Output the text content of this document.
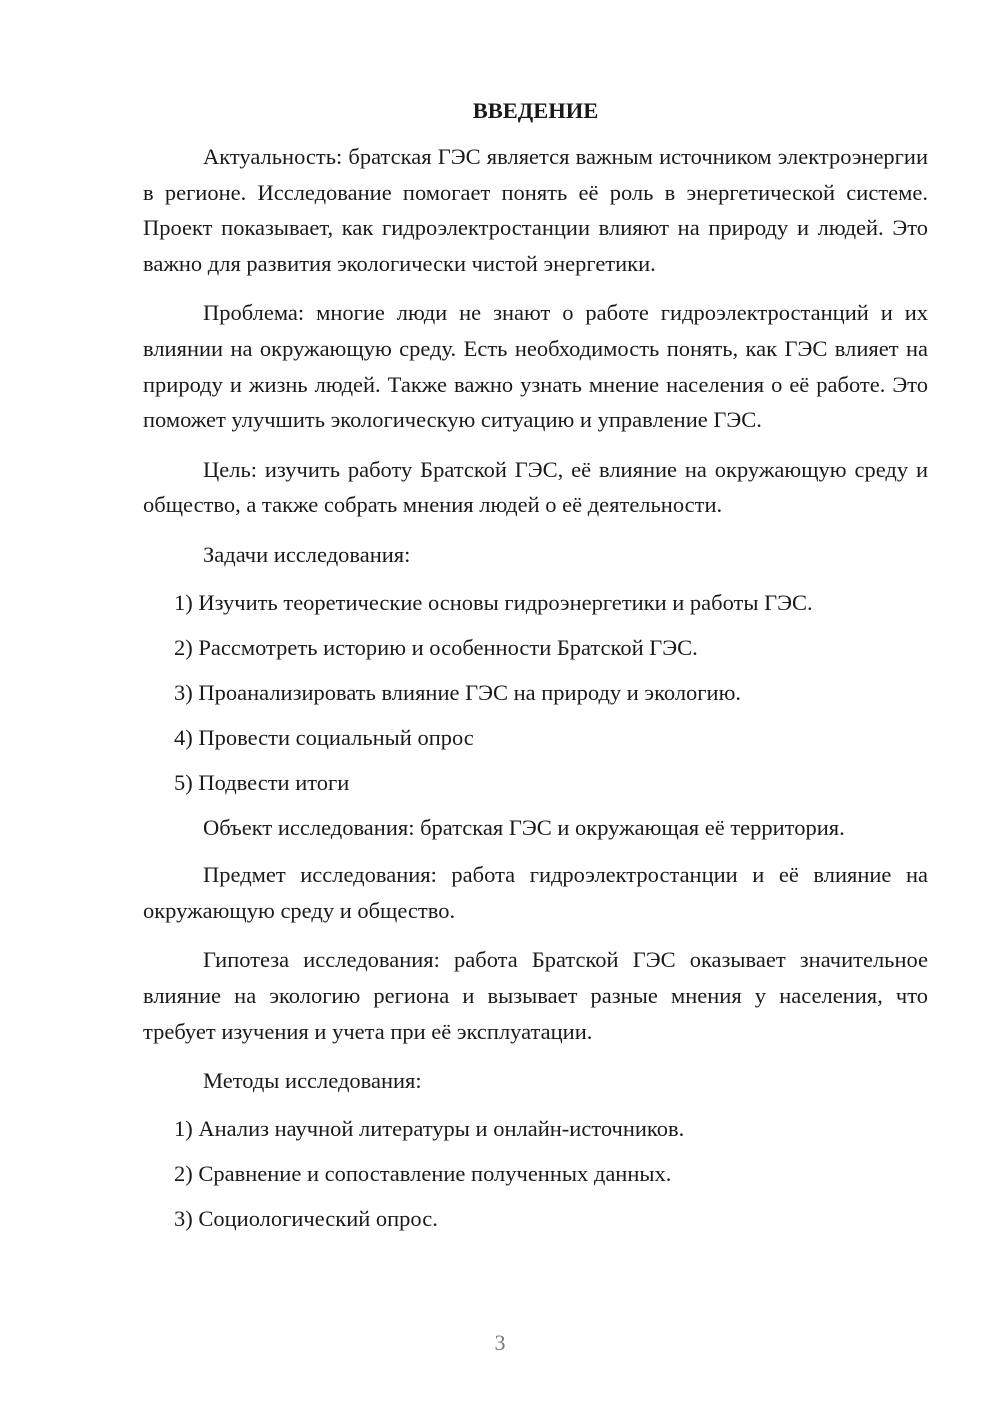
ВВЕДЕНИЕ

Актуальность: братская ГЭС является важным источником электроэнергии в регионе. Исследование помогает понять её роль в энергетической системе. Проект показывает, как гидроэлектростанции влияют на природу и людей. Это важно для развития экологически чистой энергетики.

Проблема: многие люди не знают о работе гидроэлектростанций и их влиянии на окружающую среду. Есть необходимость понять, как ГЭС влияет на природу и жизнь людей. Также важно узнать мнение населения о её работе. Это поможет улучшить экологическую ситуацию и управление ГЭС.

Цель: изучить работу Братской ГЭС, её влияние на окружающую среду и общество, а также собрать мнения людей о её деятельности.

Задачи исследования:

1) Изучить теоретические основы гидроэнергетики и работы ГЭС.
2) Рассмотреть историю и особенности Братской ГЭС.
3) Проанализировать влияние ГЭС на природу и экологию.
4) Провести социальный опрос
5) Подвести итоги

Объект исследования: братская ГЭС и окружающая её территория.

Предмет исследования: работа гидроэлектростанции и её влияние на окружающую среду и общество.

Гипотеза исследования: работа Братской ГЭС оказывает значительное влияние на экологию региона и вызывает разные мнения у населения, что требует изучения и учета при её эксплуатации.

Методы исследования:

1) Анализ научной литературы и онлайн-источников.
2) Сравнение и сопоставление полученных данных.
3) Социологический опрос.
3
